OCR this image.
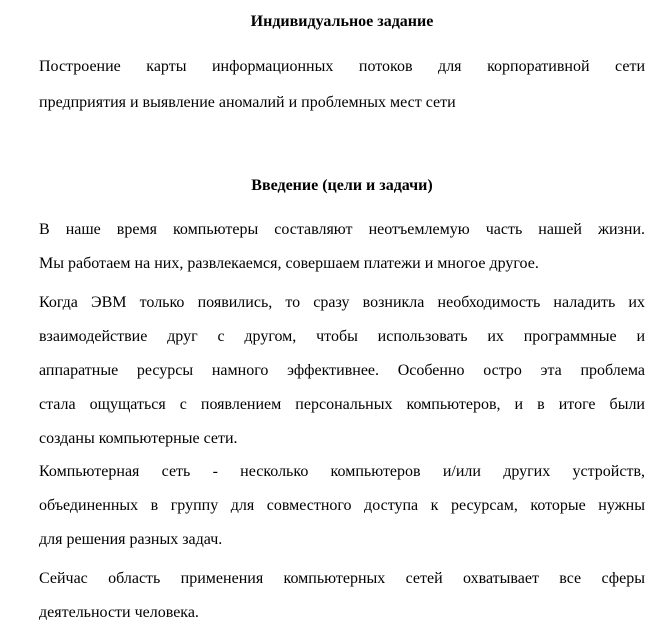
Индивидуальное задание
Построение карты информационных потоков для корпоративной сети
предприятия и выявление аномалий и проблемных мест сети
Введение (цели и задачи)
В наше время компьютеры составляют неотъемлемую часть нашей жизни.
Мы работаем на них, развлекаемся, совершаем платежи и многое другое.
Когда ЭВМ только появились, то сразу возникла необходимость наладить их
взаимодействие друг с другом, чтобы использовать их программные и
аппаратные ресурсы намного эффективнее. Особенно остро эта проблема
стала ощущаться с появлением персональных компьютеров, и в итоге были
созданы компьютерные сети.
Компьютерная сеть - несколько компьютеров и/или других устройств,
объединенных в группу для совместного доступа к ресурсам, которые нужны
для решения разных задач.
Сейчас область применения компьютерных сетей охватывает все сферы
деятельности человека.
